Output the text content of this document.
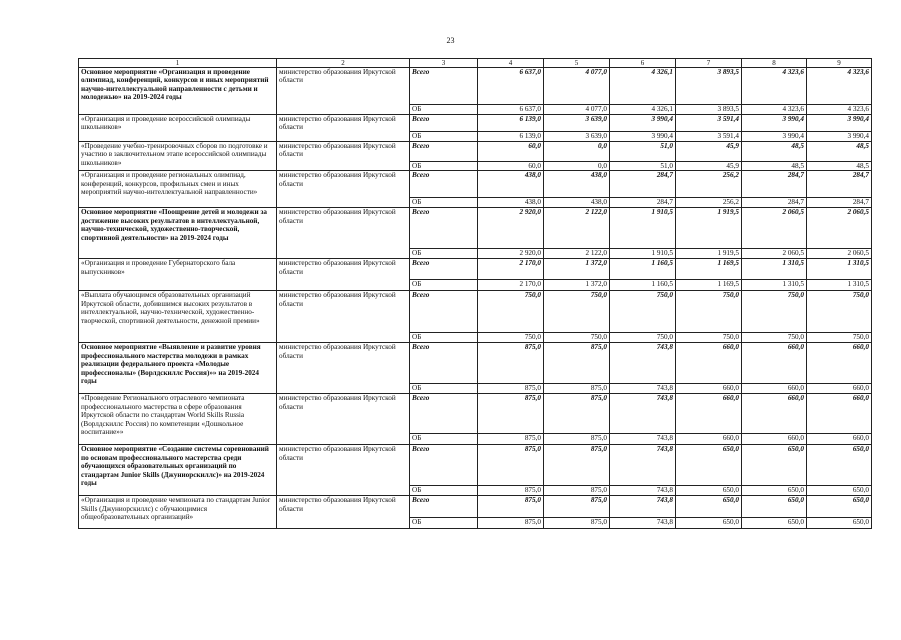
23
1	2	3	4	5	6	7	8	9
Основное мероприятие «Организация и проведение олимпиад, конференций, конкурсов и иных мероприятий научно-интеллектуальной направленности с детьми и молодежью» на 2019-2024 годы	министерство образования Иркутской области	Всего	6 637,0	4 077,0	4 326,1	3 893,5	4 323,6	4 323,6
		ОБ	6 637,0	4 077,0	4 326,1	3 893,5	4 323,6	4 323,6
«Организация и проведение всероссийской олимпиады школьников»	министерство образования Иркутской области	Всего	6 139,0	3 639,0	3 990,4	3 591,4	3 990,4	3 990,4
		ОБ	6 139,0	3 639,0	3 990,4	3 591,4	3 990,4	3 990,4
«Проведение учебно-тренировочных сборов по подготовке и участию в заключительном этапе всероссийской олимпиады школьников»	министерство образования Иркутской области	Всего	60,0	0,0	51,0	45,9	48,5	48,5
		ОБ	60,0	0,0	51,0	45,9	48,5	48,5
«Организация и проведение региональных олимпиад, конференций, конкурсов, профильных смен и иных мероприятий научно-интеллектуальной направленности»	министерство образования Иркутской области	Всего	438,0	438,0	284,7	256,2	284,7	284,7
		ОБ	438,0	438,0	284,7	256,2	284,7	284,7
Основное мероприятие «Поощрение детей и молодежи за достижение высоких результатов в интеллектуальной, научно-технической, художественно-творческой, спортивной деятельности» на 2019-2024 годы	министерство образования Иркутской области	Всего	2 920,0	2 122,0	1 910,5	1 919,5	2 060,5	2 060,5
		ОБ	2 920,0	2 122,0	1 910,5	1 919,5	2 060,5	2 060,5
«Организация и проведение Губернаторского бала выпускников»	министерство образования Иркутской области	Всего	2 170,0	1 372,0	1 160,5	1 169,5	1 310,5	1 310,5
		ОБ	2 170,0	1 372,0	1 160,5	1 169,5	1 310,5	1 310,5
«Выплата обучающимся образовательных организаций Иркутской области, добившимся высоких результатов в интеллектуальной, научно-технической, художественно-творческой, спортивной деятельности, денежной премии»	министерство образования Иркутской области	Всего	750,0	750,0	750,0	750,0	750,0	750,0
		ОБ	750,0	750,0	750,0	750,0	750,0	750,0
Основное мероприятие «Выявление и развитие уровня профессионального мастерства молодежи в рамках реализации федерального проекта «Молодые профессионалы» (Ворлдскиллс Россия)»» на 2019-2024 годы	министерство образования Иркутской области	Всего	875,0	875,0	743,8	660,0	660,0	660,0
		ОБ	875,0	875,0	743,8	660,0	660,0	660,0
«Проведение Регионального отраслевого чемпионата профессионального мастерства в сфере образования Иркутской области по стандартам World Skills Russia (Ворлдскиллс Россия) по компетенции «Дошкольное воспитание»»	министерство образования Иркутской области	Всего	875,0	875,0	743,8	660,0	660,0	660,0
		ОБ	875,0	875,0	743,8	660,0	660,0	660,0
Основное мероприятие «Создание системы соревнований по основам профессионального мастерства среди обучающихся образовательных организаций по стандартам Junior Skills (Джуниорскиллс)» на 2019-2024 годы	министерство образования Иркутской области	Всего	875,0	875,0	743,8	650,0	650,0	650,0
		ОБ	875,0	875,0	743,8	650,0	650,0	650,0
«Организация и проведение чемпионата по стандартам Junior Skills (Джуниорскиллс) с обучающимися общеобразовательных организаций»	министерство образования Иркутской области	Всего	875,0	875,0	743,8	650,0	650,0	650,0
		ОБ	875,0	875,0	743,8	650,0	650,0	650,0
